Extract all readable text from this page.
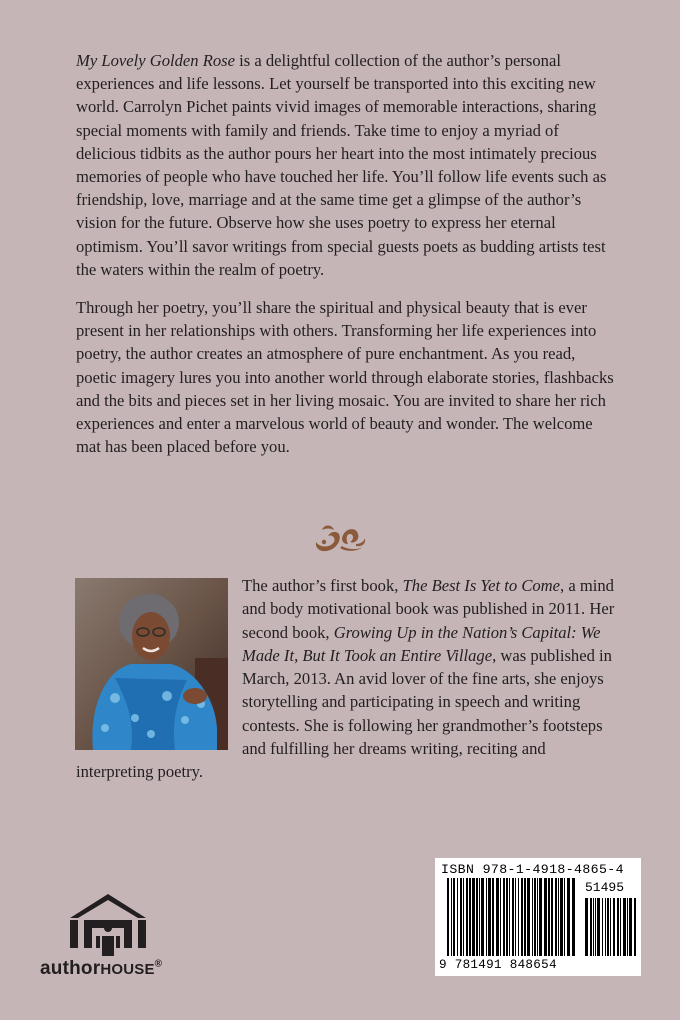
My Lovely Golden Rose is a delightful collection of the author’s personal experiences and life lessons. Let yourself be transported into this exciting new world. Carrolyn Pichet paints vivid images of memorable interactions, sharing special moments with family and friends. Take time to enjoy a myriad of delicious tidbits as the author pours her heart into the most intimately precious memories of people who have touched her life. You’ll follow life events such as friendship, love, marriage and at the same time get a glimpse of the author’s vision for the future. Observe how she uses poetry to express her eternal optimism. You’ll savor writings from special guests poets as budding artists test the waters within the realm of poetry.

Through her poetry, you’ll share the spiritual and physical beauty that is ever present in her relationships with others. Transforming her life experiences into poetry, the author creates an atmosphere of pure enchantment. As you read, poetic imagery lures you into another world through elaborate stories, flashbacks and the bits and pieces set in her living mosaic. You are invited to share her rich experiences and enter a marvelous world of beauty and wonder. The welcome mat has been placed before you.

The author’s first book, The Best Is Yet to Come, a mind and body motivational book was published in 2011. Her second book, Growing Up in the Nation’s Capital: We Made It, But It Took an Entire Village, was published in March, 2013. An avid lover of the fine arts, she enjoys storytelling and participating in speech and writing contests. She is following her grandmother’s footsteps and fulfilling her dreams writing, reciting and interpreting poetry.
authorHOUSE®
ISBN 978-1-4918-4865-4
51495
9 781491 848654
